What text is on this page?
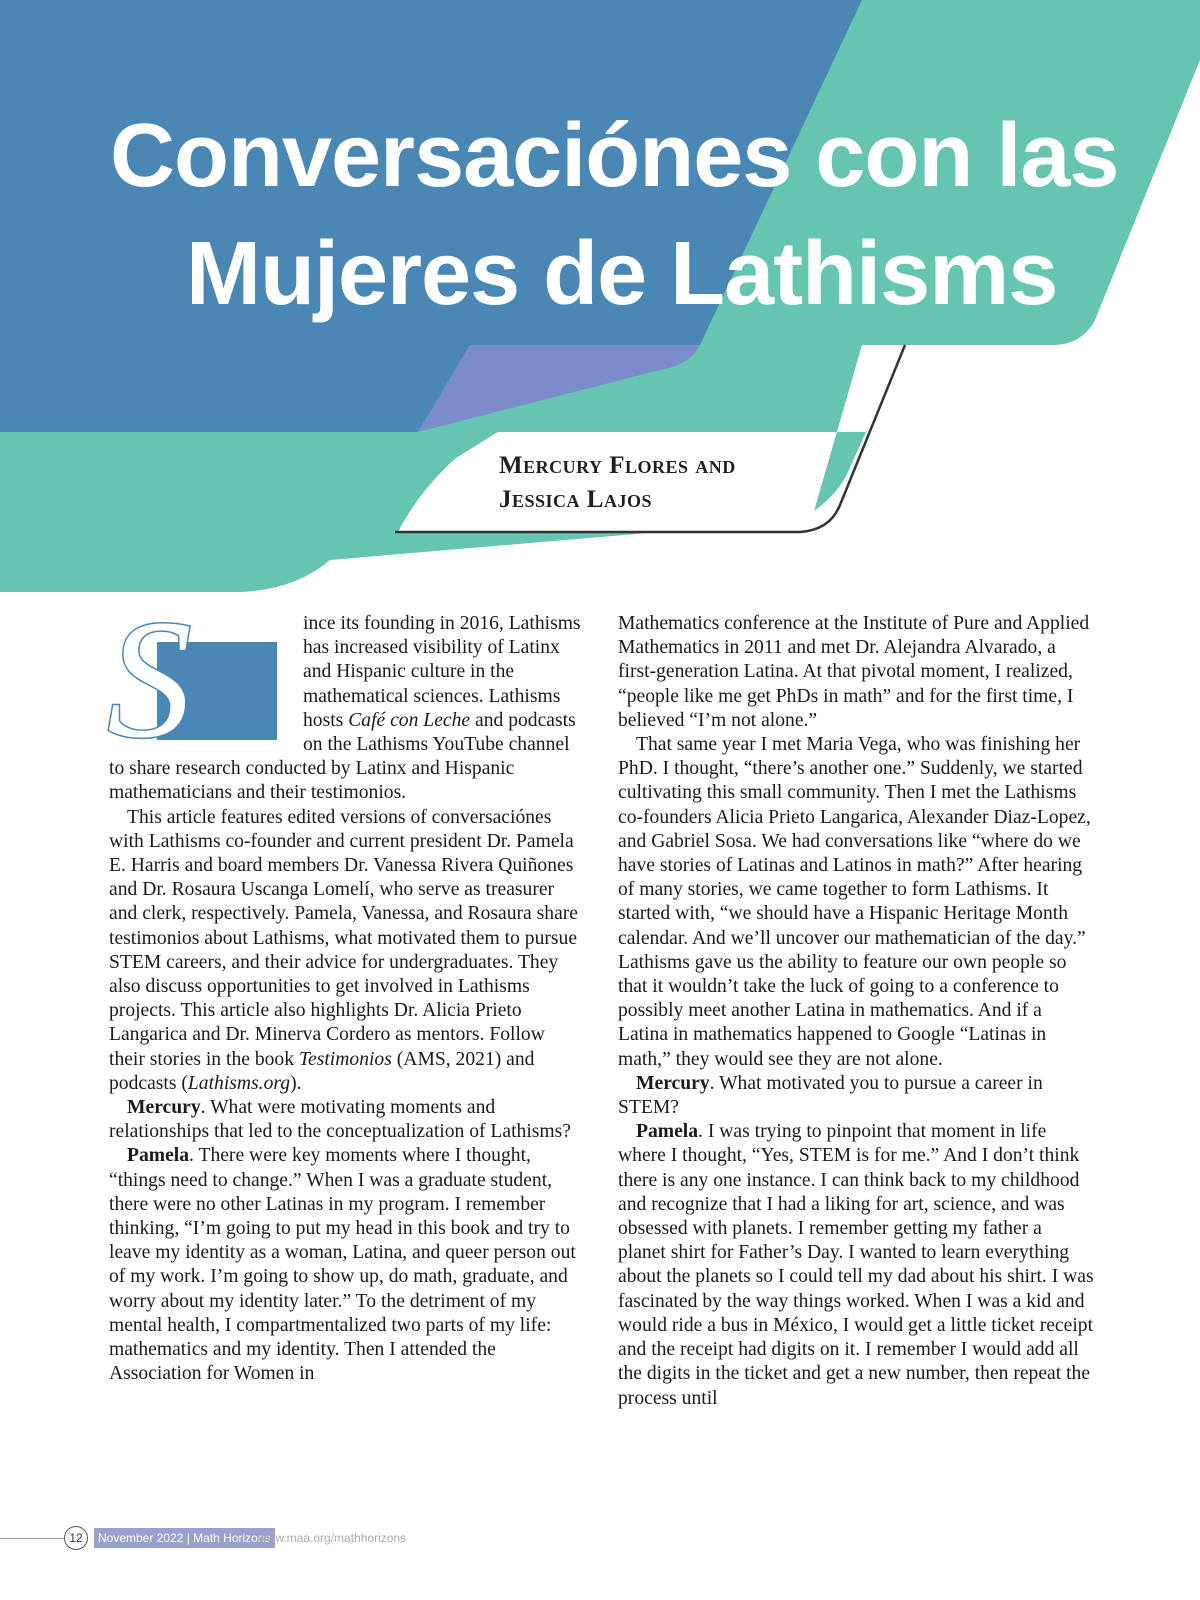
Conversaciónes con las
Mujeres de Lathisms
Mercury Flores and
Jessica Lajos

S	ince its founding in 2016, Lathisms has increased visibility of Latinx and Hispanic culture in the mathematical sciences. Lathisms hosts Café con Leche and podcasts on the Lathisms YouTube channel to share research conducted by Latinx and Hispanic mathematicians and their testimonios.

This article features edited versions of conversaciónes with Lathisms co-founder and current president Dr. Pamela E. Harris and board members Dr. Vanessa Rivera Quiñones and Dr. Rosaura Uscanga Lomelí, who serve as treasurer and clerk, respectively. Pamela, Vanessa, and Rosaura share testimonios about Lathisms, what motivated them to pursue STEM careers, and their advice for undergraduates. They also discuss opportunities to get involved in Lathisms projects. This article also highlights Dr. Alicia Prieto Langarica and Dr. Minerva Cordero as mentors. Follow their stories in the book Testimonios (AMS, 2021) and podcasts (Lathisms.org).

Mercury. What were motivating moments and relationships that led to the conceptualization of Lathisms?

Pamela. There were key moments where I thought, “things need to change.” When I was a graduate student, there were no other Latinas in my program. I remember thinking, “I’m going to put my head in this book and try to leave my identity as a woman, Latina, and queer person out of my work. I’m going to show up, do math, graduate, and worry about my identity later.” To the detriment of my mental health, I compartmentalized two parts of my life: mathematics and my identity. Then I attended the Association for Women in

Mathematics conference at the Institute of Pure and Applied Mathematics in 2011 and met Dr. Alejandra Alvarado, a first-generation Latina. At that pivotal moment, I realized, “people like me get PhDs in math” and for the first time, I believed “I’m not alone.”

That same year I met Maria Vega, who was finishing her PhD. I thought, “there’s another one.” Suddenly, we started cultivating this small community. Then I met the Lathisms co-founders Alicia Prieto Langarica, Alexander Diaz-Lopez, and Gabriel Sosa. We had conversations like “where do we have stories of Latinas and Latinos in math?” After hearing of many stories, we came together to form Lathisms. It started with, “we should have a Hispanic Heritage Month calendar. And we’ll uncover our mathematician of the day.” Lathisms gave us the ability to feature our own people so that it wouldn’t take the luck of going to a conference to possibly meet another Latina in mathematics. And if a Latina in mathematics happened to Google “Latinas in math,” they would see they are not alone.

Mercury. What motivated you to pursue a career in STEM?

Pamela. I was trying to pinpoint that moment in life where I thought, “Yes, STEM is for me.” And I don’t think there is any one instance. I can think back to my childhood and recognize that I had a liking for art, science, and was obsessed with planets. I remember getting my father a planet shirt for Father’s Day. I wanted to learn everything about the planets so I could tell my dad about his shirt. I was fascinated by the way things worked. When I was a kid and would ride a bus in México, I would get a little ticket receipt and the receipt had digits on it. I remember I would add all the digits in the ticket and get a new number, then repeat the process until

12	November 2022 | Math Horizons
www.maa.org/mathhorizons
